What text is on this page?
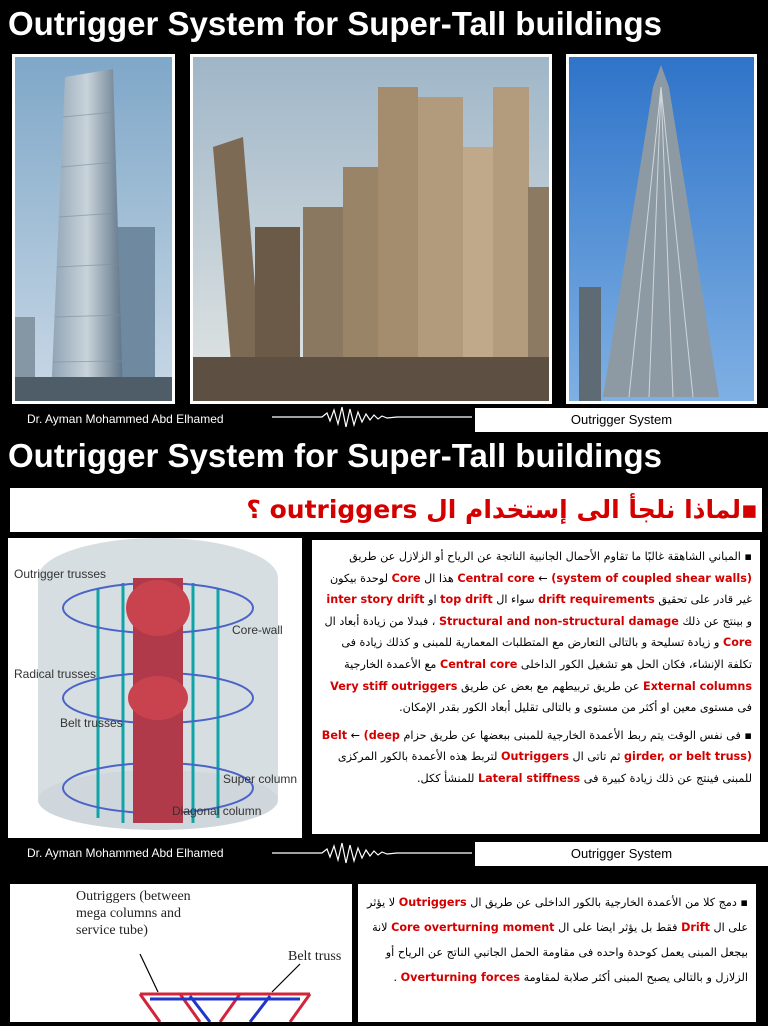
Outrigger System for Super-Tall buildings
Dr. Ayman Mohammed Abd Elhamed	Outrigger System
Outrigger System for Super-Tall buildings
▪لماذا نلجأ الى إستخدام ال outriggers ؟
Outrigger trusses
Core-wall
Radical trusses
Belt trusses
Super column
Diagonal column

▪ المباني الشاهقة غالبًا ما تقاوم الأحمال الجانبية الناتجة عن الرياح أو الزلازل عن طريق Central core ← (system of coupled shear walls) هذا ال Core لوحدة بيكون غير قادر على تحقيق drift requirements سواء ال top drift او inter story drift و بينتج عن ذلك Structural and non-structural damage ، فبدلا من زيادة أبعاد ال Core و زيادة تسليحة و بالتالى التعارض مع المتطلبات المعمارية للمبنى و كذلك زيادة فى تكلفة الإنشاء، فكان الحل هو تشغيل الكور الداخلى Central core مع الأعمدة الخارجية External columns عن طريق تربيطهم مع بعض عن طريق Very stiff outriggers فى مستوى معين او أكثر من مستوى و بالتالى تقليل أبعاد الكور بقدر الإمكان.

▪ فى نفس الوقت يتم ربط الأعمدة الخارجية للمبنى ببعضها عن طريق حزام Belt ← (deep girder, or belt truss) ثم تاتى ال Outriggers لتربط هذه الأعمدة بالكور المركزى للمبنى فينتج عن ذلك زيادة كبيرة فى Lateral stiffness للمنشأ ككل.

Dr. Ayman Mohammed Abd Elhamed	Outrigger System
Outriggers (between mega columns and service tube)
Belt truss

▪ دمج كلا من الأعمدة الخارجية بالكور الداخلى عن طريق ال Outriggers لا يؤثر على ال Drift فقط بل يؤثر ايضا على ال Core overturning moment لانة بيجعل المبنى يعمل كوحدة واحده فى مقاومة الحمل الجانبي الناتج عن الرياح أو الزلازل و بالتالى يصبح المبنى أكثر صلابة لمقاومة Overturning forces .
